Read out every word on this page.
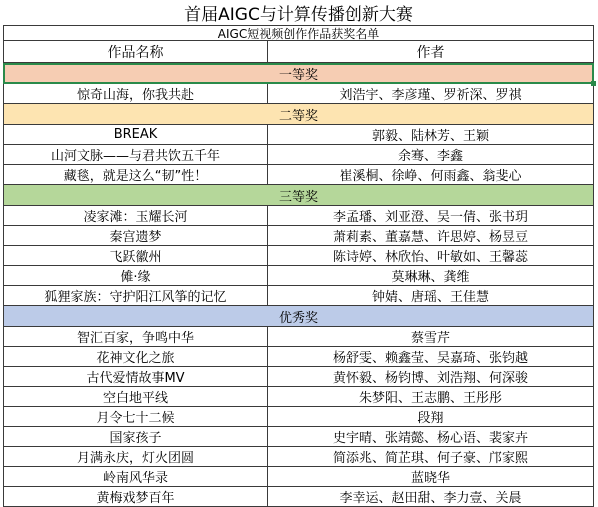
首届AIGC与计算传播创新大赛
AIGC短视频创作作品获奖名单
作品名称	作者
一等奖
惊奇山海，你我共赴	刘浩宇、李彦瑾、罗祈深、罗祺
二等奖
BREAK	郭毅、陆林芳、王颖
山河文脉——与君共饮五千年	余骞、李鑫
藏毯，就是这么“韧”性！	崔溪桐、徐峥、何雨鑫、翁斐心
三等奖
凌家滩：玉耀长河	李孟璠、刘亚澄、吴一倩、张书玥
秦宫遗梦	萧莉素、董嘉慧、许思婷、杨昱豆
飞跃徽州	陈诗婷、林欣怡、叶敏如、王馨蕊
傩·缘	莫琳琳、龚维
狐狸家族：守护阳江风筝的记忆	钟婧、唐瑶、王佳慧
优秀奖
智汇百家，争鸣中华	蔡雪芹
花神文化之旅	杨舒雯、赖鑫莹、吴嘉琦、张钧越
古代爱情故事MV	黄怀毅、杨钧博、刘浩翔、何深骏
空白地平线	朱梦阳、王志鹏、王彤彤
月令七十二候	段翔
国家孩子	史宇晴、张靖懿、杨心语、裴家卉
月满永庆，灯火团圆	简添兆、简芷琪、何子豪、邝家熙
岭南风华录	蓝晓华
黄梅戏梦百年	李幸运、赵田甜、李力壹、关晨
